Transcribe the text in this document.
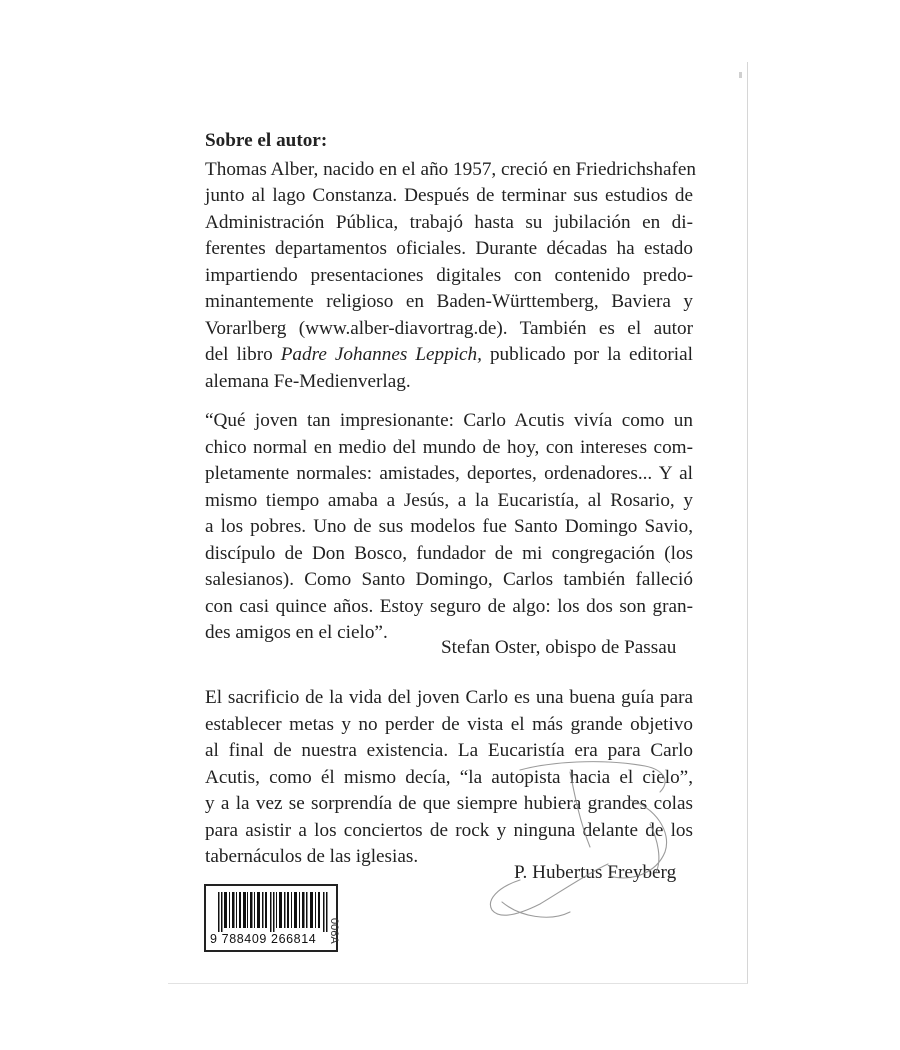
Sobre el autor:
Thomas Alber, nacido en el año 1957, creció en Friedrichshafen
junto al lago Constanza. Después de terminar sus estudios de
Administración Pública, trabajó hasta su jubilación en di-
ferentes departamentos oficiales. Durante décadas ha estado
impartiendo presentaciones digitales con contenido predo-
minantemente religioso en Baden-Württemberg, Baviera y
Vorarlberg (www.alber-diavortrag.de). También es el autor
del libro Padre Johannes Leppich, publicado por la editorial
alemana Fe-Medienverlag.
“Qué joven tan impresionante: Carlo Acutis vivía como un
chico normal en medio del mundo de hoy, con intereses com-
pletamente normales: amistades, deportes, ordenadores... Y al
mismo tiempo amaba a Jesús, a la Eucaristía, al Rosario, y
a los pobres. Uno de sus modelos fue Santo Domingo Savio,
discípulo de Don Bosco, fundador de mi congregación (los
salesianos). Como Santo Domingo, Carlos también falleció
con casi quince años. Estoy seguro de algo: los dos son gran-
des amigos en el cielo”.
Stefan Oster, obispo de Passau
El sacrificio de la vida del joven Carlo es una buena guía para
establecer metas y no perder de vista el más grande objetivo
al final de nuestra existencia. La Eucaristía era para Carlo
Acutis, como él mismo decía, “la autopista hacia el cielo”,
y a la vez se sorprendía de que siempre hubiera grandes colas
para asistir a los conciertos de rock y ninguna delante de los
tabernáculos de las iglesias.
P. Hubertus Freyberg
9 788409 266814	006A
